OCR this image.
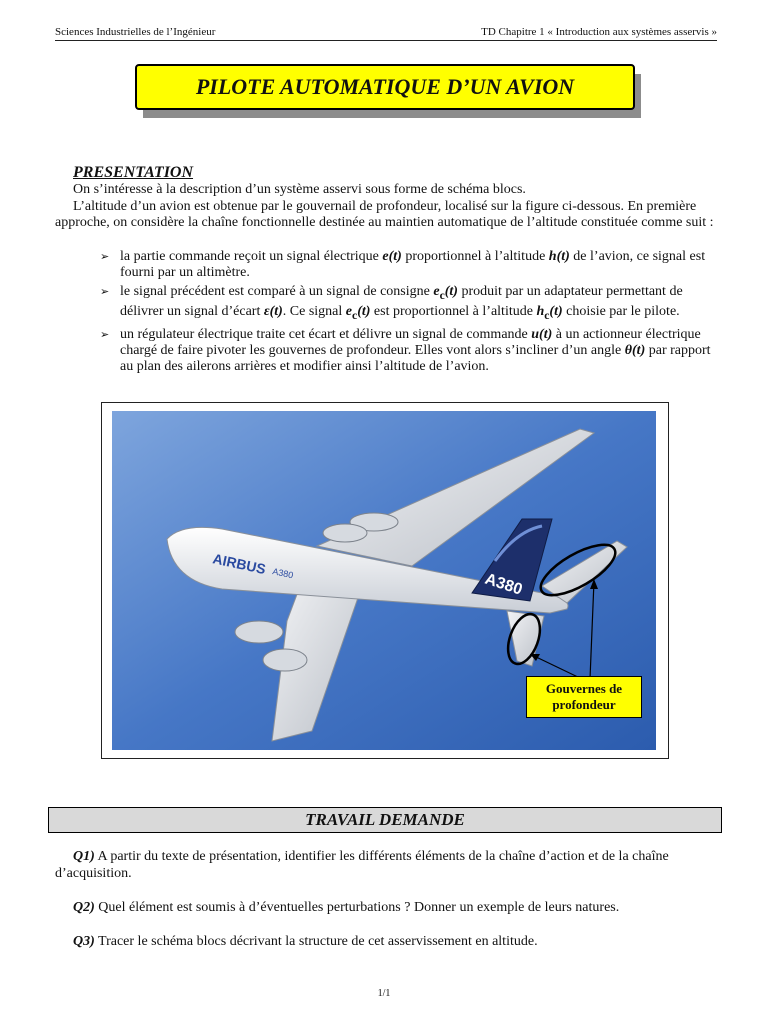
Sciences Industrielles de l’Ingénieur	TD Chapitre 1 « Introduction aux systèmes asservis »
PILOTE AUTOMATIQUE D’UN AVION
PRESENTATION
On s’intéresse à la description d’un système asservi sous forme de schéma blocs.
L’altitude d’un avion est obtenue par le gouvernail de profondeur, localisé sur la figure ci-dessous. En première approche, on considère la chaîne fonctionnelle destinée au maintien automatique de l’altitude constituée comme suit :
➢ la partie commande reçoit un signal électrique e(t) proportionnel à l’altitude h(t) de l’avion, ce signal est fourni par un altimètre.
➢ le signal précédent est comparé à un signal de consigne $e_c(t)$ produit par un adaptateur permettant de délivrer un signal d’écart ε(t). Ce signal $e_c(t)$ est proportionnel à l’altitude $h_c(t)$ choisie par le pilote.
➢ un régulateur électrique traite cet écart et délivre un signal de commande u(t) à un actionneur électrique chargé de faire pivoter les gouvernes de profondeur. Elles vont alors s’incliner d’un angle θ(t) par rapport au plan des ailerons arrières et modifier ainsi l’altitude de l’avion.
A380
AIRBUS A380
Gouvernes de
profondeur
TRAVAIL DEMANDE
Q1) A partir du texte de présentation, identifier les différents éléments de la chaîne d’action et de la chaîne d’acquisition.
Q2) Quel élément est soumis à d’éventuelles perturbations ? Donner un exemple de leurs natures.
Q3) Tracer le schéma blocs décrivant la structure de cet asservissement en altitude.
1/1
